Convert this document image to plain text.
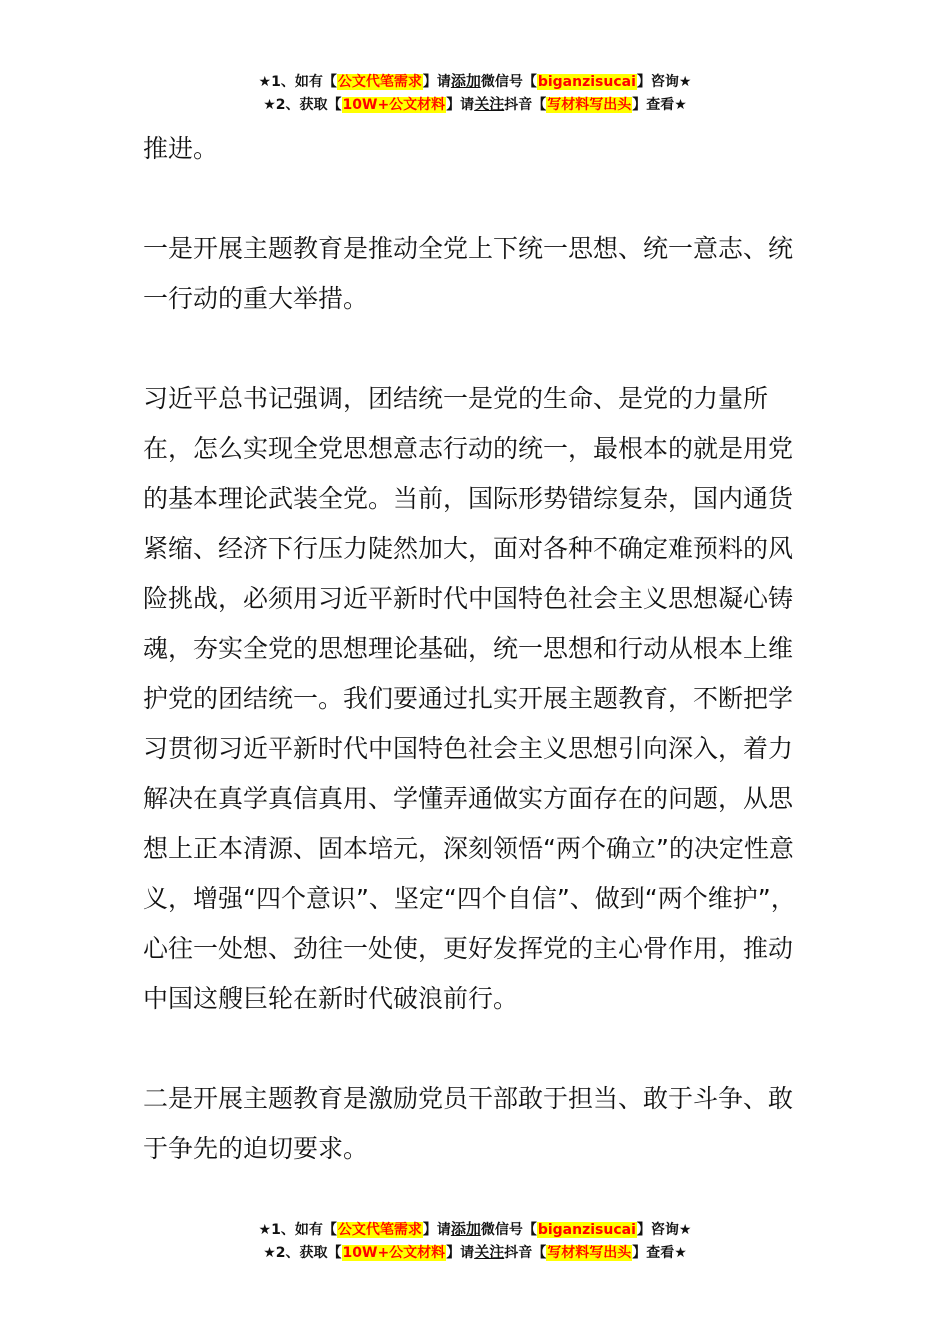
★1、如有【公文代笔需求】请添加微信号【biganzisucai】咨询★
★2、获取【10W+公文材料】请关注抖音【写材料写出头】查看★

推进。

一是开展主题教育是推动全党上下统一思想、统一意志、统一行动的重大举措。

习近平总书记强调，团结统一是党的生命、是党的力量所在，怎么实现全党思想意志行动的统一，最根本的就是用党的基本理论武装全党。当前，国际形势错综复杂，国内通货紧缩、经济下行压力陡然加大，面对各种不确定难预料的风险挑战，必须用习近平新时代中国特色社会主义思想凝心铸魂，夯实全党的思想理论基础，统一思想和行动从根本上维护党的团结统一。我们要通过扎实开展主题教育，不断把学习贯彻习近平新时代中国特色社会主义思想引向深入，着力解决在真学真信真用、学懂弄通做实方面存在的问题，从思想上正本清源、固本培元，深刻领悟“两个确立”的决定性意义，增强“四个意识”、坚定“四个自信”、做到“两个维护”，心往一处想、劲往一处使，更好发挥党的主心骨作用，推动中国这艘巨轮在新时代破浪前行。

二是开展主题教育是激励党员干部敢于担当、敢于斗争、敢于争先的迫切要求。

★1、如有【公文代笔需求】请添加微信号【biganzisucai】咨询★
★2、获取【10W+公文材料】请关注抖音【写材料写出头】查看★
